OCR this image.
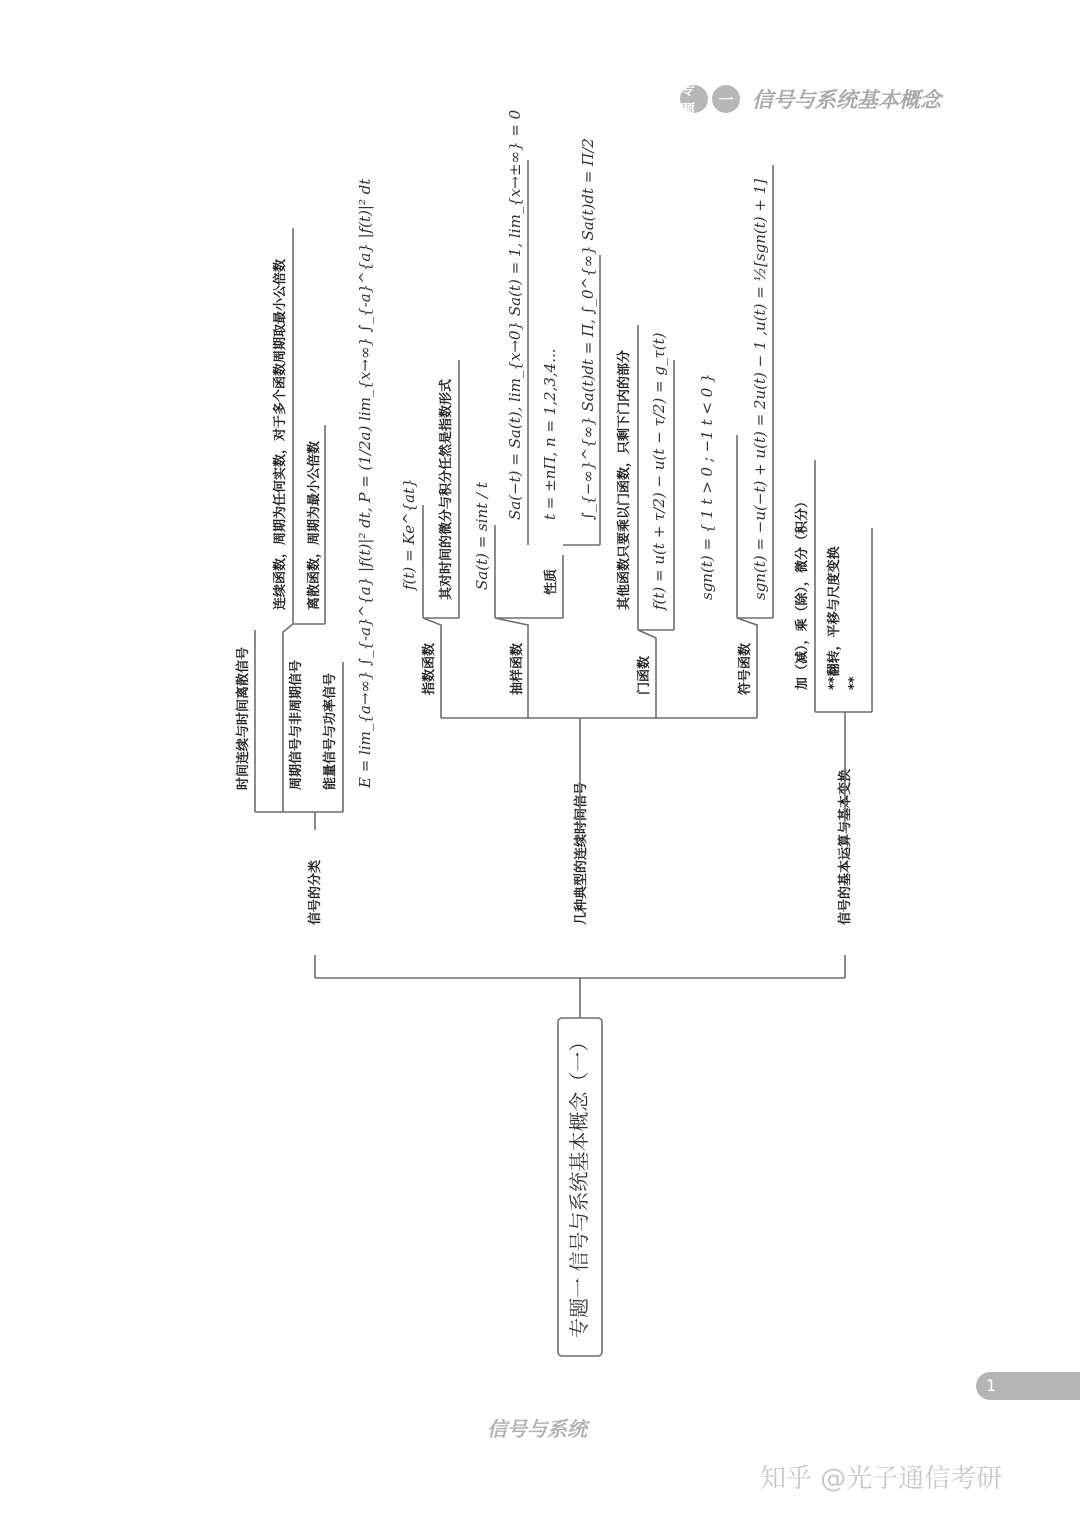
专题
一 信号与系统基本概念
专题一 信号与系统基本概念（一）
信号的分类	几种典型的连续时间信号	信号的基本运算与基本变换
时间连续与时间离散信号	周期信号与非周期信号 能量信号与功率信号
连续函数，周期为任何实数，对于多个函数周期取最小公倍数 离散函数，周期为最小公倍数 E = lim_{a→∞} ∫_{-a}^{a} |f(t)|² dt, P = (1/2a) lim_{x→∞} ∫_{-a}^{a} |f(t)|² dt	指数函数	抽样函数	门函数	符号函数
f(t) = Ke^{at} 其对时间的微分与积分任然是指数形式 Sa(t) = sint / t	性质
Sa(−t) = Sa(t), lim_{x→0} Sa(t) = 1, lim_{x→±∞} = 0 t = ±nΠ, n = 1,2,3,4... ∫_{−∞}^{∞} Sa(t)dt = Π, ∫_0^{∞} Sa(t)dt = Π/2 其他函数只要乘以门函数，只剩下门内的部分 f(t) = u(t + τ/2) − u(t − τ/2) = g_τ(t) sgn(t) = { 1 t > 0 ; −1 t < 0 } sgn(t) = −u(−t) + u(t) = 2u(t) − 1 ,u(t) = ½[sgn(t) + 1] 加（减），乘（除），微分（积分） **翻转，平移与尺度变换 **
1
信号与系统
知乎 @光子通信考研
